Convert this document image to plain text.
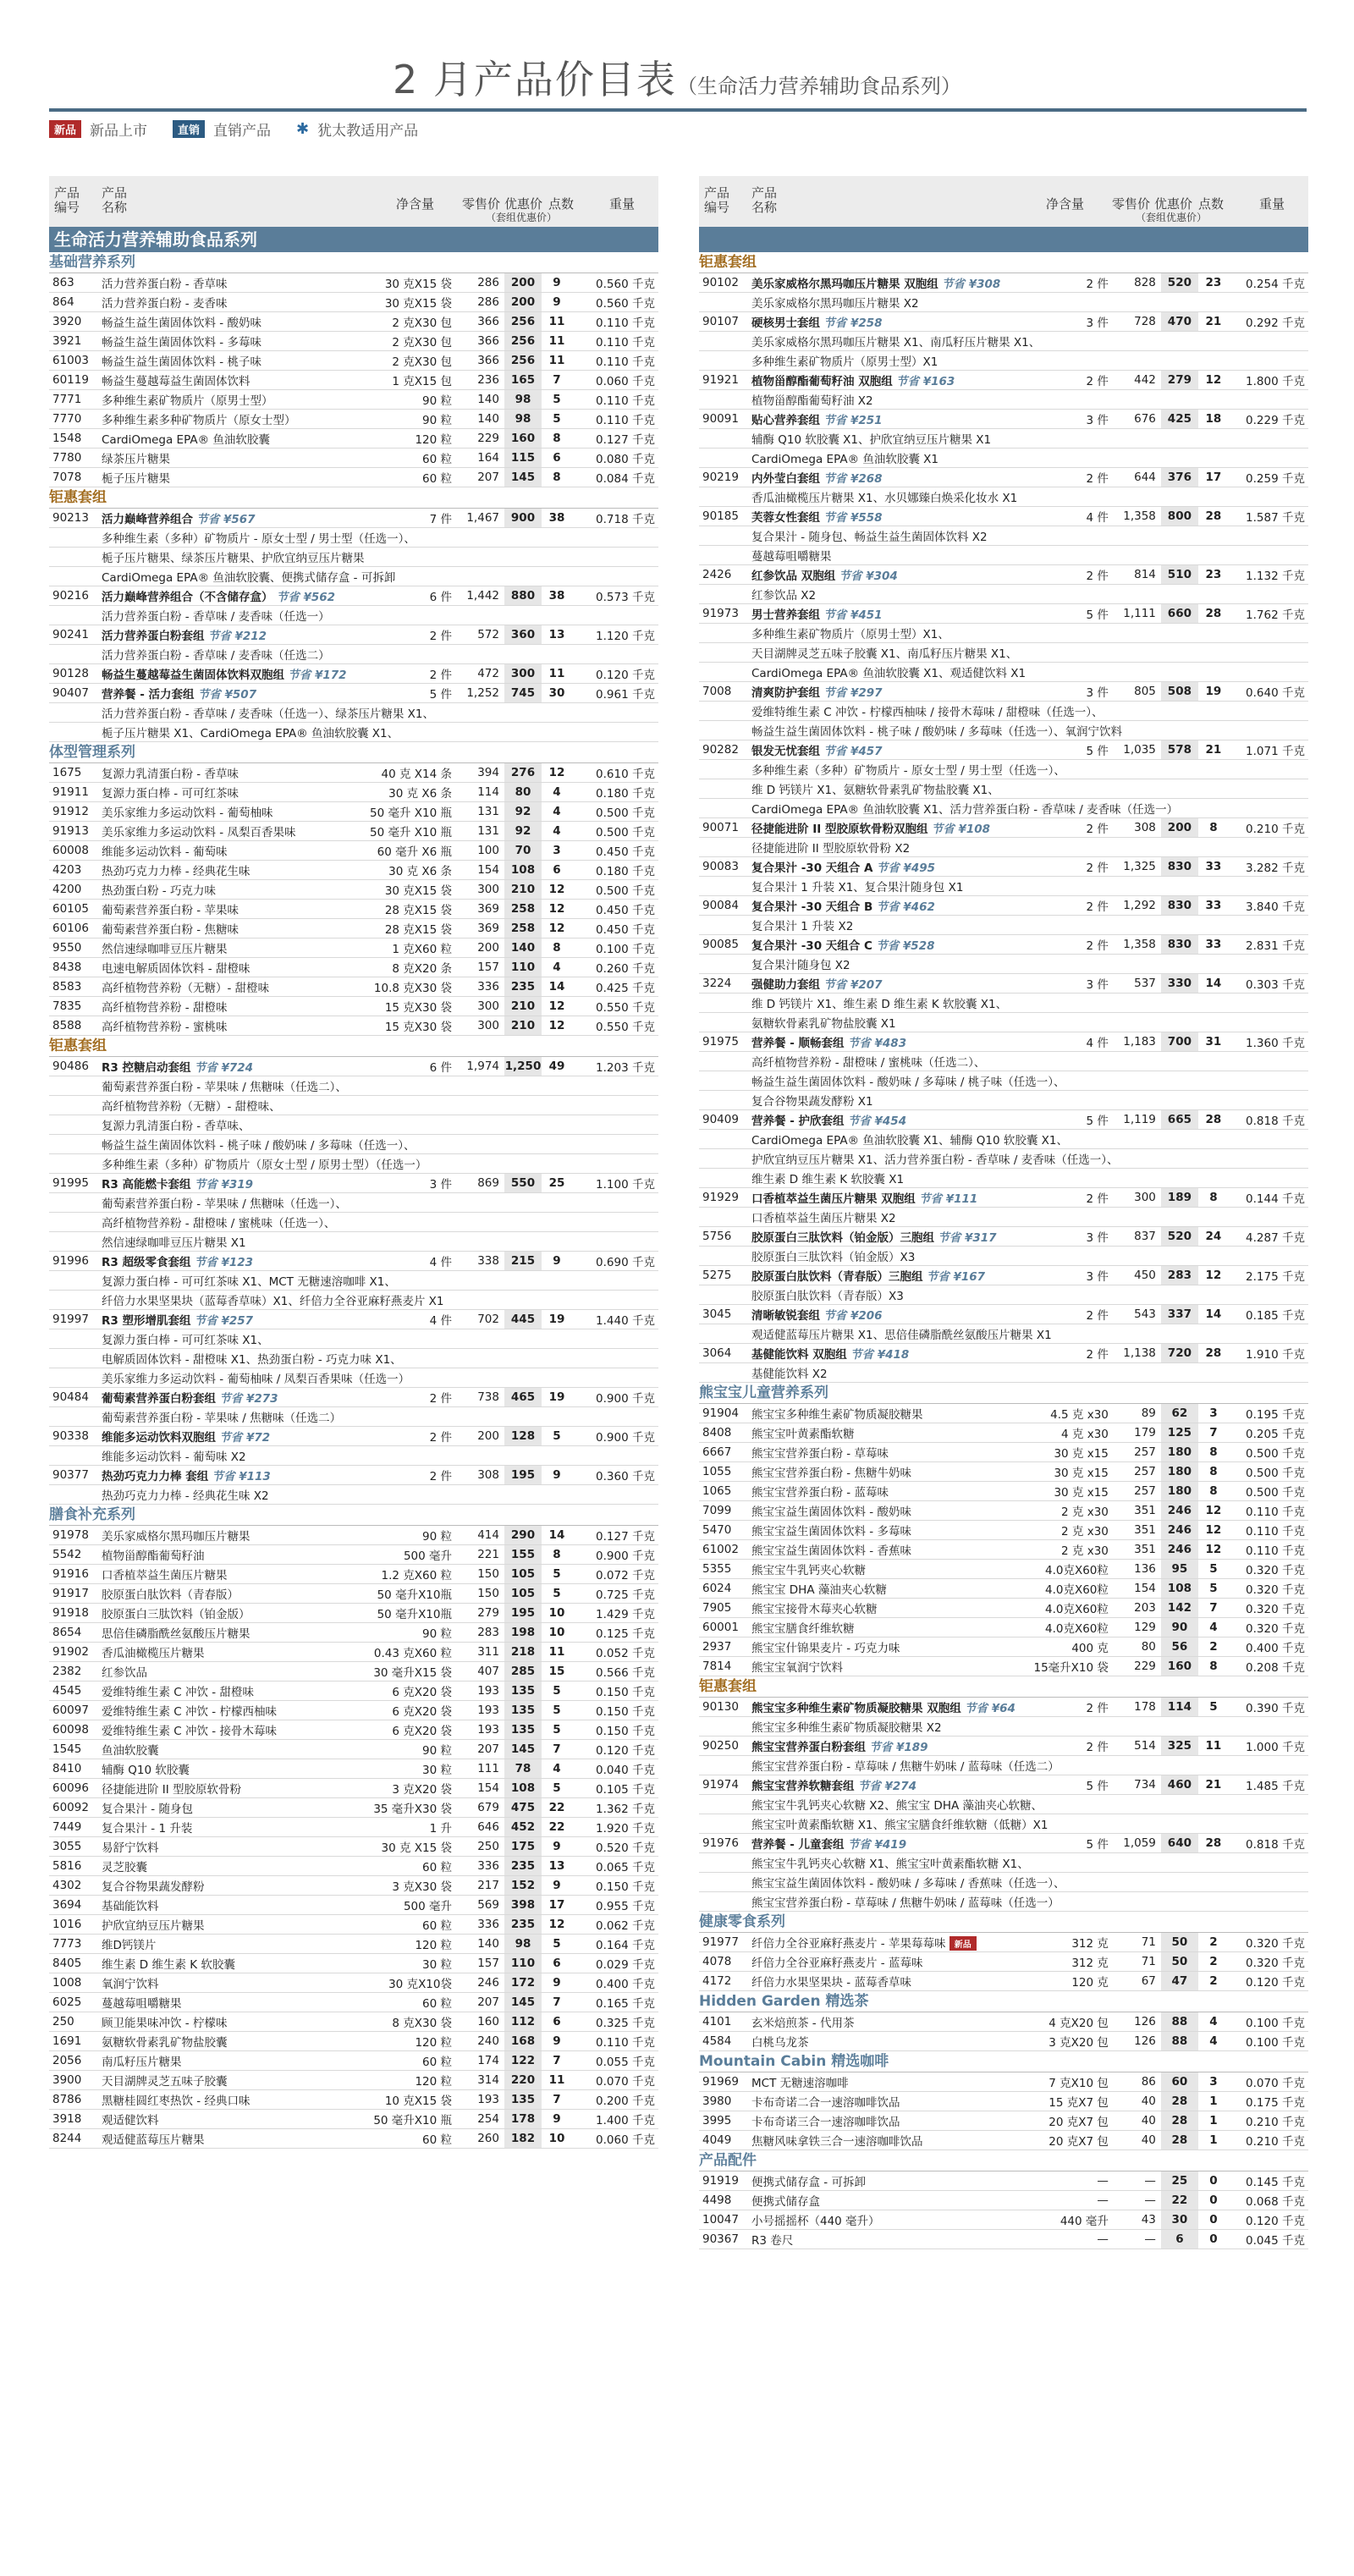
2 月产品价目表（生命活力营养辅助食品系列）
新品 新品上市	直销 直销产品 ✱ 犹太教适用产品
产品编号
产品名称	净含量 零售价 优惠价 点数	重量
（套组优惠价）
生命活力营养辅助食品系列
基础营养系列						
863	活力营养蛋白粉 - 香草味	30 克X15 袋	286	200	9	0.560 千克
864	活力营养蛋白粉 - 麦香味	30 克X15 袋	286	200	9	0.560 千克
3920	畅益生益生菌固体饮料 - 酸奶味	2 克X30 包	366	256	11	0.110 千克
3921	畅益生益生菌固体饮料 - 多莓味	2 克X30 包	366	256	11	0.110 千克
61003	畅益生益生菌固体饮料 - 桃子味	2 克X30 包	366	256	11	0.110 千克
60119	畅益生蔓越莓益生菌固体饮料	1 克X15 包	236	165	7	0.060 千克
7771	多种维生素矿物质片（原男士型）	90 粒	140	98	5	0.110 千克
7770	多种维生素多种矿物质片（原女士型）	90 粒	140	98	5	0.110 千克
1548	CardiOmega EPA® 鱼油软胶囊	120 粒	229	160	8	0.127 千克
7780	绿茶压片糖果	60 粒	164	115	6	0.080 千克
7078	栀子压片糖果	60 粒	207	145	8	0.084 千克
钜惠套组						
90213	活力巅峰营养组合 节省 ¥567	7 件	1,467	900	38	0.718 千克
多种维生素（多种）矿物质片 - 原女士型 / 男士型（任选一）、						
栀子压片糖果、绿茶压片糖果、护欣宜纳豆压片糖果						
CardiOmega EPA® 鱼油软胶囊、便携式储存盒 - 可拆卸						
90216	活力巅峰营养组合（不含储存盒） 节省 ¥562	6 件	1,442	880	38	0.573 千克
活力营养蛋白粉 - 香草味 / 麦香味（任选一）						
90241	活力营养蛋白粉套组 节省 ¥212	2 件	572	360	13	1.120 千克
活力营养蛋白粉 - 香草味 / 麦香味（任选二）						
90128	畅益生蔓越莓益生菌固体饮料双胞组 节省 ¥172	2 件	472	300	11	0.120 千克
90407	营养餐 - 活力套组 节省 ¥507	5 件	1,252	745	30	0.961 千克
活力营养蛋白粉 - 香草味 / 麦香味（任选一）、绿茶压片糖果 X1、						
栀子压片糖果 X1、CardiOmega EPA® 鱼油软胶囊 X1、						
体型管理系列						
1675	复源力乳清蛋白粉 - 香草味	40 克 X14 条	394	276	12	0.610 千克
91911	复源力蛋白棒 - 可可红茶味	30 克 X6 条	114	80	4	0.180 千克
91912	美乐家维力多运动饮料 - 葡萄柚味	50 毫升 X10 瓶	131	92	4	0.500 千克
91913	美乐家维力多运动饮料 - 凤梨百香果味	50 毫升 X10 瓶	131	92	4	0.500 千克
60008	维能多运动饮料 - 葡萄味	60 毫升 X6 瓶	100	70	3	0.450 千克
4203	热劲巧克力力棒 - 经典花生味	30 克 X6 条	154	108	6	0.180 千克
4200	热劲蛋白粉 - 巧克力味	30 克X15 袋	300	210	12	0.500 千克
60105	葡萄素营养蛋白粉 - 苹果味	28 克X15 袋	369	258	12	0.450 千克
60106	葡萄素营养蛋白粉 - 焦糖味	28 克X15 袋	369	258	12	0.450 千克
9550	然信速绿咖啡豆压片糖果	1 克X60 粒	200	140	8	0.100 千克
8438	电速电解质固体饮料 - 甜橙味	8 克X20 条	157	110	4	0.260 千克
8583	高纤植物营养粉（无糖）- 甜橙味	10.8 克X30 袋	336	235	14	0.425 千克
7835	高纤植物营养粉 - 甜橙味	15 克X30 袋	300	210	12	0.550 千克
8588	高纤植物营养粉 - 蜜桃味	15 克X30 袋	300	210	12	0.550 千克
钜惠套组						
90486	R3 控糖启动套组 节省 ¥724	6 件	1,974	1,250	49	1.203 千克
葡萄素营养蛋白粉 - 苹果味 / 焦糖味（任选二）、						
高纤植物营养粉（无糖）- 甜橙味、						
复源力乳清蛋白粉 - 香草味、						
畅益生益生菌固体饮料 - 桃子味 / 酸奶味 / 多莓味（任选一）、						
多种维生素（多种）矿物质片（原女士型 / 原男士型）（任选一）						
91995	R3 高能燃卡套组 节省 ¥319	3 件	869	550	25	1.100 千克
葡萄素营养蛋白粉 - 苹果味 / 焦糖味（任选一）、						
高纤植物营养粉 - 甜橙味 / 蜜桃味（任选一）、						
然信速绿咖啡豆压片糖果 X1						
91996	R3 超级零食套组 节省 ¥123	4 件	338	215	9	0.690 千克
复源力蛋白棒 - 可可红茶味 X1、MCT 无糖速溶咖啡 X1、						
纤倍力水果坚果块（蓝莓香草味）X1、纤倍力全谷亚麻籽燕麦片 X1						
91997	R3 塑形增肌套组 节省 ¥257	4 件	702	445	19	1.440 千克
复源力蛋白棒 - 可可红茶味 X1、						
电解质固体饮料 - 甜橙味 X1、热劲蛋白粉 - 巧克力味 X1、						
美乐家维力多运动饮料 - 葡萄柚味 / 凤梨百香果味（任选一）						
90484	葡萄素营养蛋白粉套组 节省 ¥273	2 件	738	465	19	0.900 千克
葡萄素营养蛋白粉 - 苹果味 / 焦糖味（任选二）						
90338	维能多运动饮料双胞组 节省 ¥72	2 件	200	128	5	0.900 千克
维能多运动饮料 - 葡萄味 X2						
90377	热劲巧克力力棒 套组 节省 ¥113	2 件	308	195	9	0.360 千克
热劲巧克力力棒 - 经典花生味 X2						
膳食补充系列						
91978	美乐家威格尔黑玛咖压片糖果	90 粒	414	290	14	0.127 千克
5542	植物甾醇酯葡萄籽油	500 毫升	221	155	8	0.900 千克
91916	口香植萃益生菌压片糖果	1.2 克X60 粒	150	105	5	0.072 千克
91917	胶原蛋白肽饮料（青春版）	50 毫升X10瓶	150	105	5	0.725 千克
91918	胶原蛋白三肽饮料（铂金版）	50 毫升X10瓶	279	195	10	1.429 千克
8654	思倍佳磷脂酰丝氨酸压片糖果	90 粒	283	198	10	0.125 千克
91902	香瓜油橄榄压片糖果	0.43 克X60 粒	311	218	11	0.052 千克
2382	红参饮品	30 毫升X15 袋	407	285	15	0.566 千克
4545	爱维特维生素 C 冲饮 - 甜橙味	6 克X20 袋	193	135	5	0.150 千克
60097	爱维特维生素 C 冲饮 - 柠檬西柚味	6 克X20 袋	193	135	5	0.150 千克
60098	爱维特维生素 C 冲饮 - 接骨木莓味	6 克X20 袋	193	135	5	0.150 千克
1545	鱼油软胶囊	90 粒	207	145	7	0.120 千克
8410	辅酶 Q10 软胶囊	30 粒	111	78	4	0.040 千克
60096	径捷能进阶 II 型胶原软骨粉	3 克X20 袋	154	108	5	0.105 千克
60092	复合果汁 - 随身包	35 毫升X30 袋	679	475	22	1.362 千克
7449	复合果汁 - 1 升装	1 升	646	452	22	1.920 千克
3055	易舒宁饮料	30 克 X15 袋	250	175	9	0.520 千克
5816	灵芝胶囊	60 粒	336	235	13	0.065 千克
4302	复合谷物果蔬发酵粉	3 克X30 袋	217	152	9	0.150 千克
3694	基础能饮料	500 毫升	569	398	17	0.955 千克
1016	护欣宜纳豆压片糖果	60 粒	336	235	12	0.062 千克
7773	维D钙镁片	120 粒	140	98	5	0.164 千克
8405	维生素 D 维生素 K 软胶囊	30 粒	157	110	6	0.029 千克
1008	氧润宁饮料	30 克X10袋	246	172	9	0.400 千克
6025	蔓越莓咀嚼糖果	60 粒	207	145	7	0.165 千克
250	顾卫能果味冲饮 - 柠檬味	8 克X30 袋	160	112	6	0.325 千克
1691	氨糖软骨素乳矿物盐胶囊	120 粒	240	168	9	0.110 千克
2056	南瓜籽压片糖果	60 粒	174	122	7	0.055 千克
3900	天目湖牌灵芝五味子胶囊	120 粒	314	220	11	0.070 千克
8786	黑糖桂圆红枣热饮 - 经典口味	10 克X15 袋	193	135	7	0.200 千克
3918	观适健饮料	50 毫升X10 瓶	254	178	9	1.400 千克
8244	观适健蓝莓压片糖果	60 粒	260	182	10	0.060 千克
产品编号
产品名称	净含量 零售价 优惠价 点数	重量
（套组优惠价）
钜惠套组						
90102	美乐家威格尔黑玛咖压片糖果 双胞组 节省 ¥308	2 件	828	520	23	0.254 千克
美乐家威格尔黑玛咖压片糖果 X2						
90107	硬核男士套组 节省 ¥258	3 件	728	470	21	0.292 千克
美乐家威格尔黑玛咖压片糖果 X1、南瓜籽压片糖果 X1、						
多种维生素矿物质片（原男士型）X1						
91921	植物甾醇酯葡萄籽油 双胞组 节省 ¥163	2 件	442	279	12	1.800 千克
植物甾醇酯葡萄籽油 X2						
90091	贴心营养套组 节省 ¥251	3 件	676	425	18	0.229 千克
辅酶 Q10 软胶囊 X1、护欣宜纳豆压片糖果 X1						
CardiOmega EPA® 鱼油软胶囊 X1						
90219	内外莹白套组 节省 ¥268	2 件	644	376	17	0.259 千克
香瓜油橄榄压片糖果 X1、水贝娜臻白焕采化妆水 X1						
90185	芙蓉女性套组 节省 ¥558	4 件	1,358	800	28	1.587 千克
复合果汁 - 随身包、畅益生益生菌固体饮料 X2						
蔓越莓咀嚼糖果						
2426	红参饮品 双胞组 节省 ¥304	2 件	814	510	23	1.132 千克
红参饮品 X2						
91973	男士营养套组 节省 ¥451	5 件	1,111	660	28	1.762 千克
多种维生素矿物质片（原男士型）X1、						
天目湖牌灵芝五味子胶囊 X1、南瓜籽压片糖果 X1、						
CardiOmega EPA® 鱼油软胶囊 X1、观适健饮料 X1						
7008	清爽防护套组 节省 ¥297	3 件	805	508	19	0.640 千克
爱维特维生素 C 冲饮 - 柠檬西柚味 / 接骨木莓味 / 甜橙味（任选一）、						
畅益生益生菌固体饮料 - 桃子味 / 酸奶味 / 多莓味（任选一）、氧润宁饮料						
90282	银发无忧套组 节省 ¥457	5 件	1,035	578	21	1.071 千克
多种维生素（多种）矿物质片 - 原女士型 / 男士型（任选一）、						
维 D 钙镁片 X1、氨糖软骨素乳矿物盐胶囊 X1、						
CardiOmega EPA® 鱼油软胶囊 X1、活力营养蛋白粉 - 香草味 / 麦香味（任选一）						
90071	径捷能进阶 II 型胶原软骨粉双胞组 节省 ¥108	2 件	308	200	8	0.210 千克
径捷能进阶 II 型胶原软骨粉 X2						
90083	复合果汁 -30 天组合 A 节省 ¥495	2 件	1,325	830	33	3.282 千克
复合果汁 1 升装 X1、复合果汁随身包 X1						
90084	复合果汁 -30 天组合 B 节省 ¥462	2 件	1,292	830	33	3.840 千克
复合果汁 1 升装 X2						
90085	复合果汁 -30 天组合 C 节省 ¥528	2 件	1,358	830	33	2.831 千克
复合果汁随身包 X2						
3224	强健助力套组 节省 ¥207	3 件	537	330	14	0.303 千克
维 D 钙镁片 X1、维生素 D 维生素 K 软胶囊 X1、						
氨糖软骨素乳矿物盐胶囊 X1						
91975	营养餐 - 顺畅套组 节省 ¥483	4 件	1,183	700	31	1.360 千克
高纤植物营养粉 - 甜橙味 / 蜜桃味（任选二）、						
畅益生益生菌固体饮料 - 酸奶味 / 多莓味 / 桃子味（任选一）、						
复合谷物果蔬发酵粉 X1						
90409	营养餐 - 护欣套组 节省 ¥454	5 件	1,119	665	28	0.818 千克
CardiOmega EPA® 鱼油软胶囊 X1、辅酶 Q10 软胶囊 X1、						
护欣宜纳豆压片糖果 X1、活力营养蛋白粉 - 香草味 / 麦香味（任选一）、						
维生素 D 维生素 K 软胶囊 X1						
91929	口香植萃益生菌压片糖果 双胞组 节省 ¥111	2 件	300	189	8	0.144 千克
口香植萃益生菌压片糖果 X2						
5756	胶原蛋白三肽饮料（铂金版）三胞组 节省 ¥317	3 件	837	520	24	4.287 千克
胶原蛋白三肽饮料（铂金版）X3						
5275	胶原蛋白肽饮料（青春版）三胞组 节省 ¥167	3 件	450	283	12	2.175 千克
胶原蛋白肽饮料（青春版）X3						
3045	清晰敏锐套组 节省 ¥206	2 件	543	337	14	0.185 千克
观适健蓝莓压片糖果 X1、思倍佳磷脂酰丝氨酸压片糖果 X1						
3064	基健能饮料 双胞组 节省 ¥418	2 件	1,138	720	28	1.910 千克
基健能饮料 X2						
熊宝宝儿童营养系列						
91904	熊宝宝多种维生素矿物质凝胶糖果	4.5 克 x30	89	62	3	0.195 千克
8408	熊宝宝叶黄素酯软糖	4 克 x30	179	125	7	0.205 千克
6667	熊宝宝营养蛋白粉 - 草莓味	30 克 x15	257	180	8	0.500 千克
1055	熊宝宝营养蛋白粉 - 焦糖牛奶味	30 克 x15	257	180	8	0.500 千克
1065	熊宝宝营养蛋白粉 - 蓝莓味	30 克 x15	257	180	8	0.500 千克
7099	熊宝宝益生菌固体饮料 - 酸奶味	2 克 x30	351	246	12	0.110 千克
5470	熊宝宝益生菌固体饮料 - 多莓味	2 克 x30	351	246	12	0.110 千克
61002	熊宝宝益生菌固体饮料 - 香蕉味	2 克 x30	351	246	12	0.110 千克
5355	熊宝宝牛乳钙夹心软糖	4.0克X60粒	136	95	5	0.320 千克
6024	熊宝宝 DHA 藻油夹心软糖	4.0克X60粒	154	108	5	0.320 千克
7905	熊宝宝接骨木莓夹心软糖	4.0克X60粒	203	142	7	0.320 千克
60001	熊宝宝膳食纤维软糖	4.0克X60粒	129	90	4	0.320 千克
2937	熊宝宝什锦果麦片 - 巧克力味	400 克	80	56	2	0.400 千克
7814	熊宝宝氧润宁饮料	15毫升X10 袋	229	160	8	0.208 千克
钜惠套组						
90130	熊宝宝多种维生素矿物质凝胶糖果 双胞组 节省 ¥64	2 件	178	114	5	0.390 千克
熊宝宝多种维生素矿物质凝胶糖果 X2						
90250	熊宝宝营养蛋白粉套组 节省 ¥189	2 件	514	325	11	1.000 千克
熊宝宝营养蛋白粉 - 草莓味 / 焦糖牛奶味 / 蓝莓味（任选二）						
91974	熊宝宝营养软糖套组 节省 ¥274	5 件	734	460	21	1.485 千克
熊宝宝牛乳钙夹心软糖 X2、熊宝宝 DHA 藻油夹心软糖、						
熊宝宝叶黄素酯软糖 X1、熊宝宝膳食纤维软糖（低糖）X1						
91976	营养餐 - 儿童套组 节省 ¥419	5 件	1,059	640	28	0.818 千克
熊宝宝牛乳钙夹心软糖 X1、熊宝宝叶黄素酯软糖 X1、						
熊宝宝益生菌固体饮料 - 酸奶味 / 多莓味 / 香蕉味（任选一）、						
熊宝宝营养蛋白粉 - 草莓味 / 焦糖牛奶味 / 蓝莓味（任选一）						
健康零食系列						
91977	纤倍力全谷亚麻籽燕麦片 - 苹果莓莓味 新品	312 克	71	50	2	0.320 千克
4078	纤倍力全谷亚麻籽燕麦片 - 蓝莓味	312 克	71	50	2	0.320 千克
4172	纤倍力水果坚果块 - 蓝莓香草味	120 克	67	47	2	0.120 千克
Hidden Garden 精选茶						
4101	玄米焙煎茶 - 代用茶	4 克X20 包	126	88	4	0.100 千克
4584	白桃乌龙茶	3 克X20 包	126	88	4	0.100 千克
Mountain Cabin 精选咖啡						
91969	MCT 无糖速溶咖啡	7 克X10 包	86	60	3	0.070 千克
3980	卡布奇诺二合一速溶咖啡饮品	15 克X7 包	40	28	1	0.175 千克
3995	卡布奇诺三合一速溶咖啡饮品	20 克X7 包	40	28	1	0.210 千克
4049	焦糖风味拿铁三合一速溶咖啡饮品	20 克X7 包	40	28	1	0.210 千克
产品配件						
91919	便携式储存盒 - 可拆卸	—	—	25	0	0.145 千克
4498	便携式储存盒	—	—	22	0	0.068 千克
10047	小号摇摇杯（440 毫升）	440 毫升	43	30	0	0.120 千克
90367	R3 卷尺	—	—	6	0	0.045 千克
